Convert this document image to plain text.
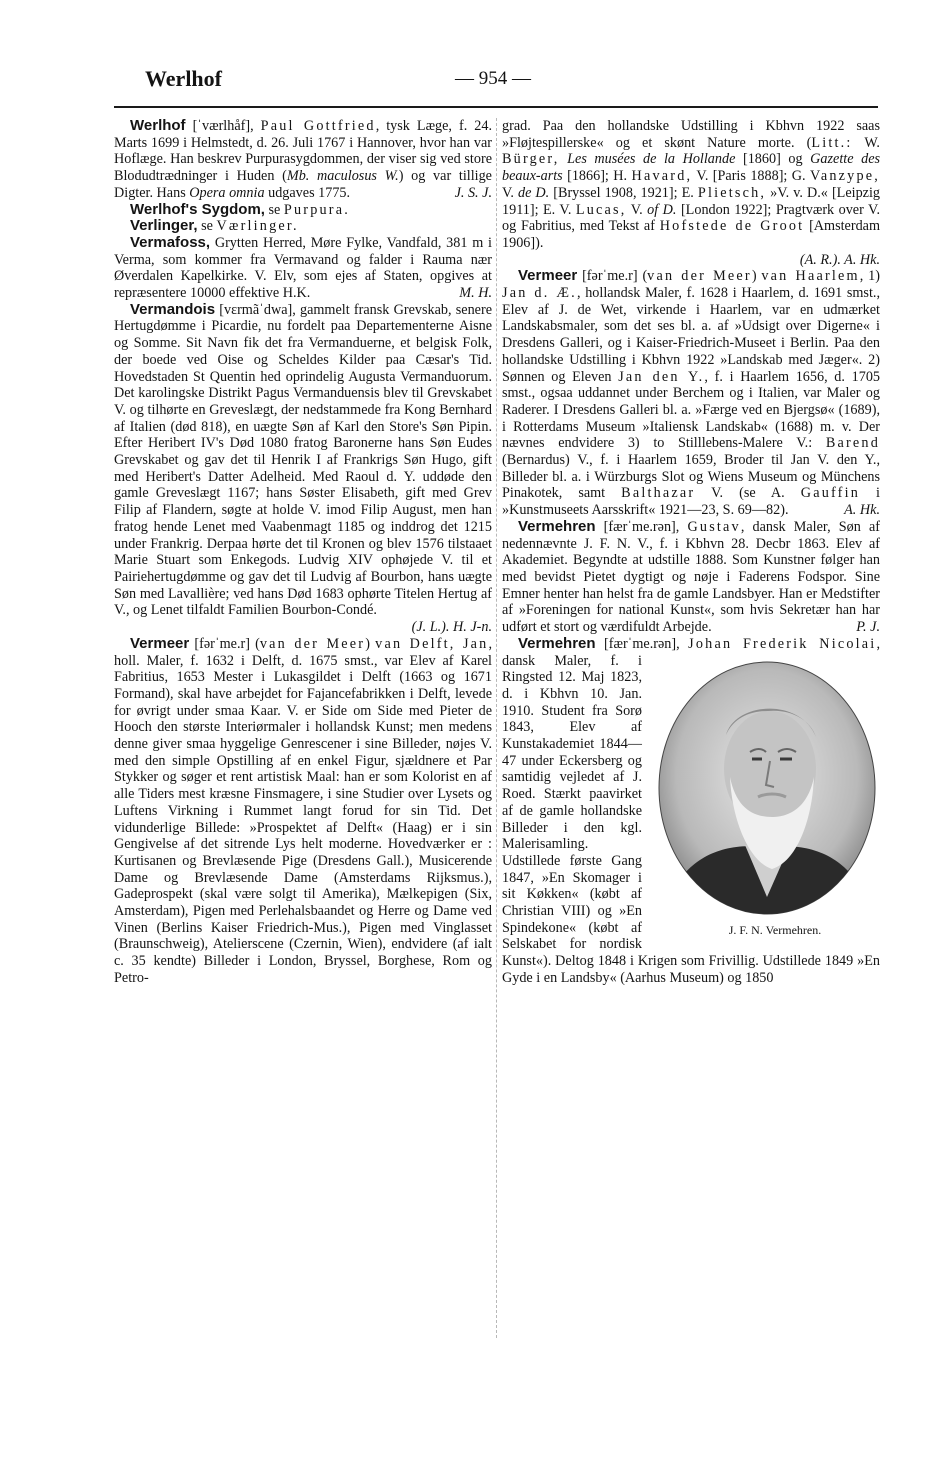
Werlhof	— 954 —

Werlhof [ˈværlhåf], Paul Gottfried, tysk Læge, f. 24. Marts 1699 i Helmstedt, d. 26. Juli 1767 i Hannover, hvor han var Hoflæge. Han beskrev Purpurasygdommen, der viser sig ved store Blodudtrædninger i Huden (Mb. maculosus W.) og var tillige Digter. Hans Opera omnia udgaves 1775.	J. S. J.

Werlhof's Sygdom, se Purpura.

Verlinger, se Værlinger.

Vermafoss, Grytten Herred, Møre Fylke, Vandfald, 381 m i Verma, som kommer fra Vermavand og falder i Rauma nær Øverdalen Kapelkirke. V. Elv, som ejes af Staten, opgives at repræsentere 10000 effektive H.K.	M. H.

Vermandois [vɛrmãˈdwa], gammelt fransk Grevskab, senere Hertugdømme i Picardie, nu fordelt paa Departementerne Aisne og Somme. Sit Navn fik det fra Vermanduerne, et belgisk Folk, der boede ved Oise og Scheldes Kilder paa Cæsar's Tid. Hovedstaden St Quentin hed oprindelig Augusta Vermanduorum. Det karolingske Distrikt Pagus Vermanduensis blev til Grevskabet V. og tilhørte en Greveslægt, der nedstammede fra Kong Bernhard af Italien (død 818), en uægte Søn af Karl den Store's Søn Pipin. Efter Heribert IV's Død 1080 fratog Baronerne hans Søn Eudes Grevskabet og gav det til Henrik I af Frankrigs Søn Hugo, gift med Heribert's Datter Adelheid. Med Raoul d. Y. uddøde den gamle Greveslægt 1167; hans Søster Elisabeth, gift med Grev Filip af Flandern, søgte at holde V. imod Filip August, men han fratog hende Lenet med Vaabenmagt 1185 og inddrog det 1215 under Frankrig. Derpaa hørte det til Kronen og blev 1576 tilstaaet Marie Stuart som Enkegods. Ludvig XIV ophøjede V. til et Pairiehertugdømme og gav det til Ludvig af Bourbon, hans uægte Søn med Lavallière; ved hans Død 1683 ophørte Titelen Hertug af V., og Lenet tilfaldt Familien Bourbon-Condé.
(J. L.). H. J-n.

Vermeer [fərˈme.r] (van der Meer) van Delft, Jan, holl. Maler, f. 1632 i Delft, d. 1675 smst., var Elev af Karel Fabritius, 1653 Mester i Lukasgildet i Delft (1663 og 1671 Formand), skal have arbejdet for Fajancefabrikken i Delft, levede for øvrigt under smaa Kaar. V. er Side om Side med Pieter de Hooch den største Interiørmaler i hollandsk Kunst; men medens denne giver smaa hyggelige Genrescener i sine Billeder, nøjes V. med den simple Opstilling af en enkel Figur, sjældnere et Par Stykker og søger et rent artistisk Maal: han er som Kolorist en af alle Tiders mest kræsne Finsmagere, i sine Studier over Lysets og Luftens Virkning i Rummet langt forud for sin Tid. Det vidunderlige Billede: »Prospektet af Delft« (Haag) er i sin Gengivelse af det sitrende Lys helt moderne. Hovedværker er : Kurtisanen og Brevlæsende Pige (Dresdens Gall.), Musicerende Dame og Brevlæsende Dame (Amsterdams Rijksmus.), Gadeprospekt (skal være solgt til Amerika), Mælkepigen (Six, Amsterdam), Pigen med Perlehalsbaandet og Herre og Dame ved Vinen (Berlins Kaiser Friedrich-Mus.), Pigen med Vinglasset (Braunschweig), Atelierscene (Czernin, Wien), endvidere (af ialt c. 35 kendte) Billeder i London, Bryssel, Borghese, Rom og Petro-

grad. Paa den hollandske Udstilling i Kbhvn 1922 saas »Fløjtespillerske« og et skønt Nature morte. (Litt.: W. Bürger, Les musées de la Hollande [1860] og Gazette des beaux-arts [1866]; H. Havard, V. [Paris 1888]; G. Vanzype, V. de D. [Bryssel 1908, 1921]; E. Plietsch, »V. v. D.« [Leipzig 1911]; E. V. Lucas, V. of D. [London 1922]; Pragtværk over V. og Fabritius, med Tekst af Hofstede de Groot [Amsterdam 1906]).
(A. R.). A. Hk.

Vermeer [fərˈme.r] (van der Meer) van Haarlem, 1) Jan d. Æ., hollandsk Maler, f. 1628 i Haarlem, d. 1691 smst., Elev af J. de Wet, virkende i Haarlem, var en udmærket Landskabsmaler, som det ses bl. a. af »Udsigt over Digerne« i Dresdens Galleri, og i Kaiser-Friedrich-Museet i Berlin. Paa den hollandske Udstilling i Kbhvn 1922 »Landskab med Jæger«. 2) Sønnen og Eleven Jan den Y., f. i Haarlem 1656, d. 1705 smst., ogsaa uddannet under Berchem og i Italien, var Maler og Raderer. I Dresdens Galleri bl. a. »Færge ved en Bjergsø« (1689), i Rotterdams Museum »Italiensk Landskab« (1688) m. v. Der nævnes endvidere 3) to Stilllebens-Malere V.: Barend (Bernardus) V., f. i Haarlem 1659, Broder til Jan V. den Y., Billeder bl. a. i Würzburgs Slot og Wiens Museum og Münchens Pinakotek, samt Balthazar V. (se A. Gauffin i »Kunstmuseets Aarsskrift« 1921—23, S. 69—82).	A. Hk.

Vermehren [færˈme.rən], Gustav, dansk Maler, Søn af nedennævnte J. F. N. V., f. i Kbhvn 28. Decbr 1863. Elev af Akademiet. Begyndte at udstille 1888. Som Kunstner følger han med bevidst Pietet dygtigt og nøje i Faderens Fodspor. Sine Emner henter han helst fra de gamle Landsbyer. Han er Medstifter af »Foreningen for national Kunst«, som hvis Sekretær han har udført et stort og værdifuldt Arbejde.	P. J.

Vermehren [færˈme.rən], Johan Frederik Nicolai
J. F. N. Vermehren.
, dansk Maler, f. i Ringsted 12. Maj 1823, d. i Kbhvn 10. Jan. 1910. Student fra Sorø 1843, Elev af Kunstakademiet 1844—47 under Eckersberg og samtidig vejledet af J. Roed. Stærkt paavirket af de gamle hollandske Billeder i den kgl. Malerisamling. Udstillede første Gang 1847, »En Skomager i sit Køkken« (købt af Christian VIII) og »En Spindekone« (købt af Selskabet for nordisk Kunst«). Deltog 1848 i Krigen som Frivillig. Udstillede 1849 »En Gyde i en Landsby« (Aarhus Museum) og 1850
